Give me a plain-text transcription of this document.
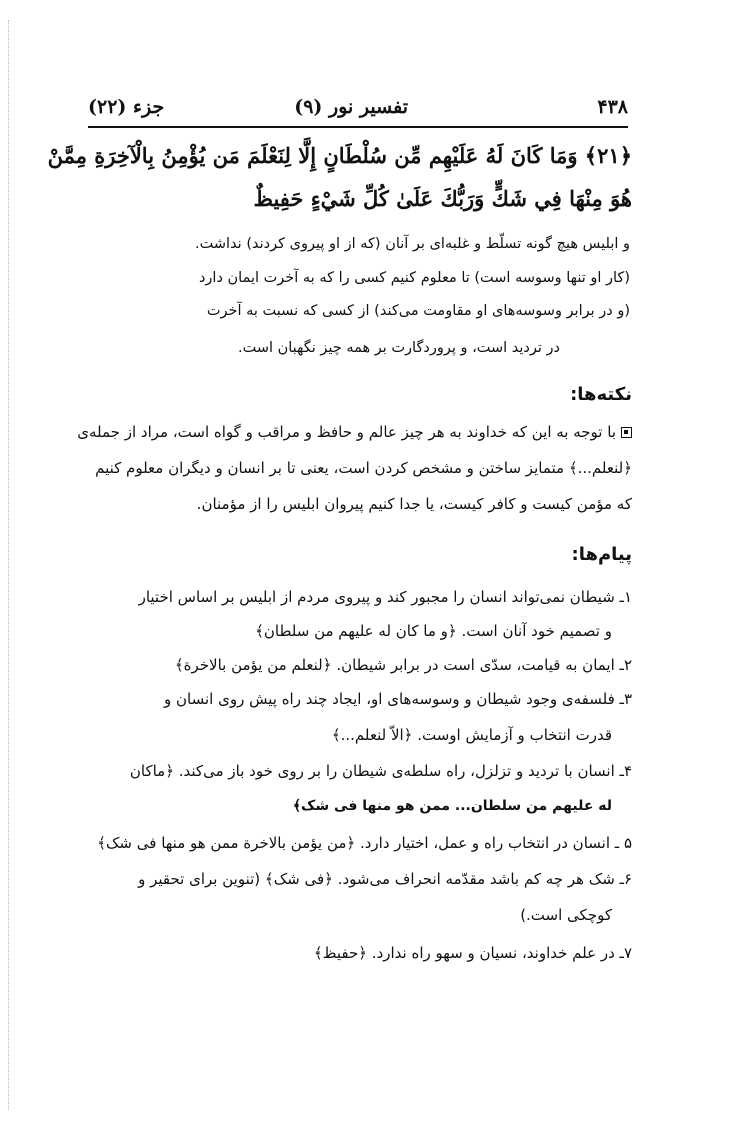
۴۳۸
تفسیر نور (۹)
جزء (۲۲)
﴿۲۱﴾ وَمَا كَانَ لَهُ عَلَيْهِم مِّن سُلْطَانٍ إِلَّا لِنَعْلَمَ مَن يُؤْمِنُ بِالْآخِرَةِ مِمَّنْ
هُوَ مِنْهَا فِي شَكٍّ وَرَبُّكَ عَلَىٰ كُلِّ شَيْءٍ حَفِيظٌ
و ابلیس هیچ گونه تسلّط و غلبه‌ای بر آنان (که از او پیروی کردند) نداشت.
(کار او تنها وسوسه است) تا معلوم کنیم کسی را که به آخرت ایمان دارد
(و در برابر وسوسه‌های او مقاومت می‌کند) از کسی که نسبت به آخرت
در تردید است، و پروردگارت بر همه چیز نگهبان است.
نکته‌ها:
با توجه به این که خداوند به هر چیز عالم و حافظ و مراقب و گواه است، مراد از جمله‌ی
﴿لنعلم...﴾ متمایز ساختن و مشخص کردن است، یعنی تا بر انسان و دیگران معلوم کنیم
که مؤمن کیست و کافر کیست، یا جدا کنیم پیروان ابلیس را از مؤمنان.
پیام‌ها:
۱ـ شیطان نمی‌تواند انسان را مجبور کند و پیروی مردم از ابلیس بر اساس اختیار
و تصمیم خود آنان است. ﴿و ما کان له علیهم من سلطان﴾
۲ـ ایمان به قیامت، سدّی است در برابر شیطان. ﴿لنعلم من یؤمن بالاخرة﴾
۳ـ فلسفه‌ی وجود شیطان و وسوسه‌های او، ایجاد چند راه پیش روی انسان و
قدرت انتخاب و آزمایش اوست. ﴿الاّ لنعلم...﴾
۴ـ انسان با تردید و تزلزل، راه سلطه‌ی شیطان را بر روی خود باز می‌کند. ﴿ماکان
له علیهم من سلطان... ممن هو منها فی شک﴾
۵ ـ انسان در انتخاب راه و عمل، اختیار دارد. ﴿من یؤمن بالاخرة ممن هو منها فی شک﴾
۶ـ شک هر چه کم باشد مقدّمه انحراف می‌شود. ﴿فی شک﴾ (تنوین برای تحقیر و
کوچکی است.)
۷ـ در علم خداوند، نسیان و سهو راه ندارد. ﴿حفیظ﴾
